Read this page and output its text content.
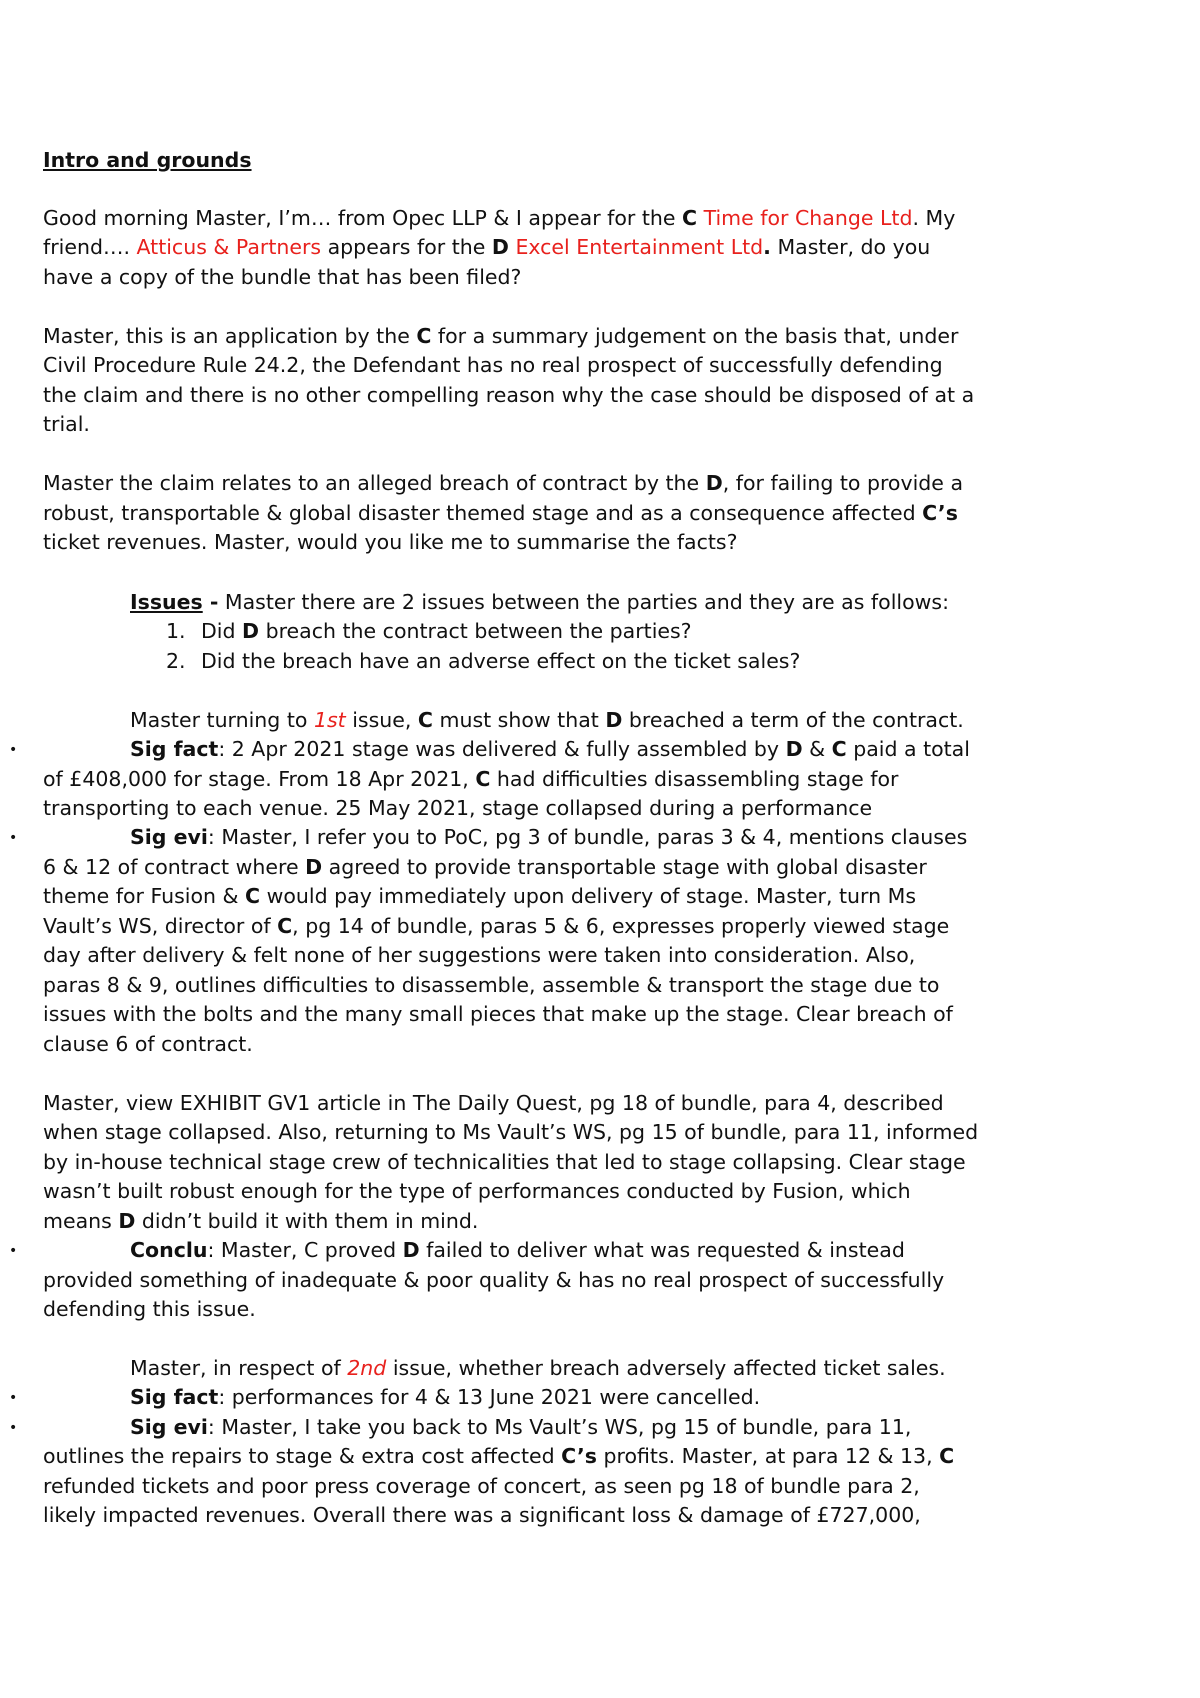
Intro and grounds
Good morning Master, I’m… from Opec LLP & I appear for the C Time for Change Ltd. My
friend…. Atticus & Partners appears for the D Excel Entertainment Ltd. Master, do you
have a copy of the bundle that has been filed?
Master, this is an application by the C for a summary judgement on the basis that, under
Civil Procedure Rule 24.2, the Defendant has no real prospect of successfully defending
the claim and there is no other compelling reason why the case should be disposed of at a
trial.
Master the claim relates to an alleged breach of contract by the D, for failing to provide a
robust, transportable & global disaster themed stage and as a consequence affected C’s
ticket revenues. Master, would you like me to summarise the facts?
Issues - Master there are 2 issues between the parties and they are as follows:
1. Did D breach the contract between the parties?
2. Did the breach have an adverse effect on the ticket sales?
Master turning to 1st issue, C must show that D breached a term of the contract.
•	Sig fact: 2 Apr 2021 stage was delivered & fully assembled by D & C paid a total
of £408,000 for stage. From 18 Apr 2021, C had difficulties disassembling stage for
transporting to each venue. 25 May 2021, stage collapsed during a performance
•	Sig evi: Master, I refer you to PoC, pg 3 of bundle, paras 3 & 4, mentions clauses
6 & 12 of contract where D agreed to provide transportable stage with global disaster
theme for Fusion & C would pay immediately upon delivery of stage. Master, turn Ms
Vault’s WS, director of C, pg 14 of bundle, paras 5 & 6, expresses properly viewed stage
day after delivery & felt none of her suggestions were taken into consideration. Also,
paras 8 & 9, outlines difficulties to disassemble, assemble & transport the stage due to
issues with the bolts and the many small pieces that make up the stage. Clear breach of
clause 6 of contract.
Master, view EXHIBIT GV1 article in The Daily Quest, pg 18 of bundle, para 4, described
when stage collapsed. Also, returning to Ms Vault’s WS, pg 15 of bundle, para 11, informed
by in-house technical stage crew of technicalities that led to stage collapsing. Clear stage
wasn’t built robust enough for the type of performances conducted by Fusion, which
means D didn’t build it with them in mind.
•	Conclu: Master, C proved D failed to deliver what was requested & instead
provided something of inadequate & poor quality & has no real prospect of successfully
defending this issue.
Master, in respect of 2nd issue, whether breach adversely affected ticket sales.
•	Sig fact: performances for 4 & 13 June 2021 were cancelled.
•	Sig evi: Master, I take you back to Ms Vault’s WS, pg 15 of bundle, para 11,
outlines the repairs to stage & extra cost affected C’s profits. Master, at para 12 & 13, C
refunded tickets and poor press coverage of concert, as seen pg 18 of bundle para 2,
likely impacted revenues. Overall there was a significant loss & damage of £727,000,
